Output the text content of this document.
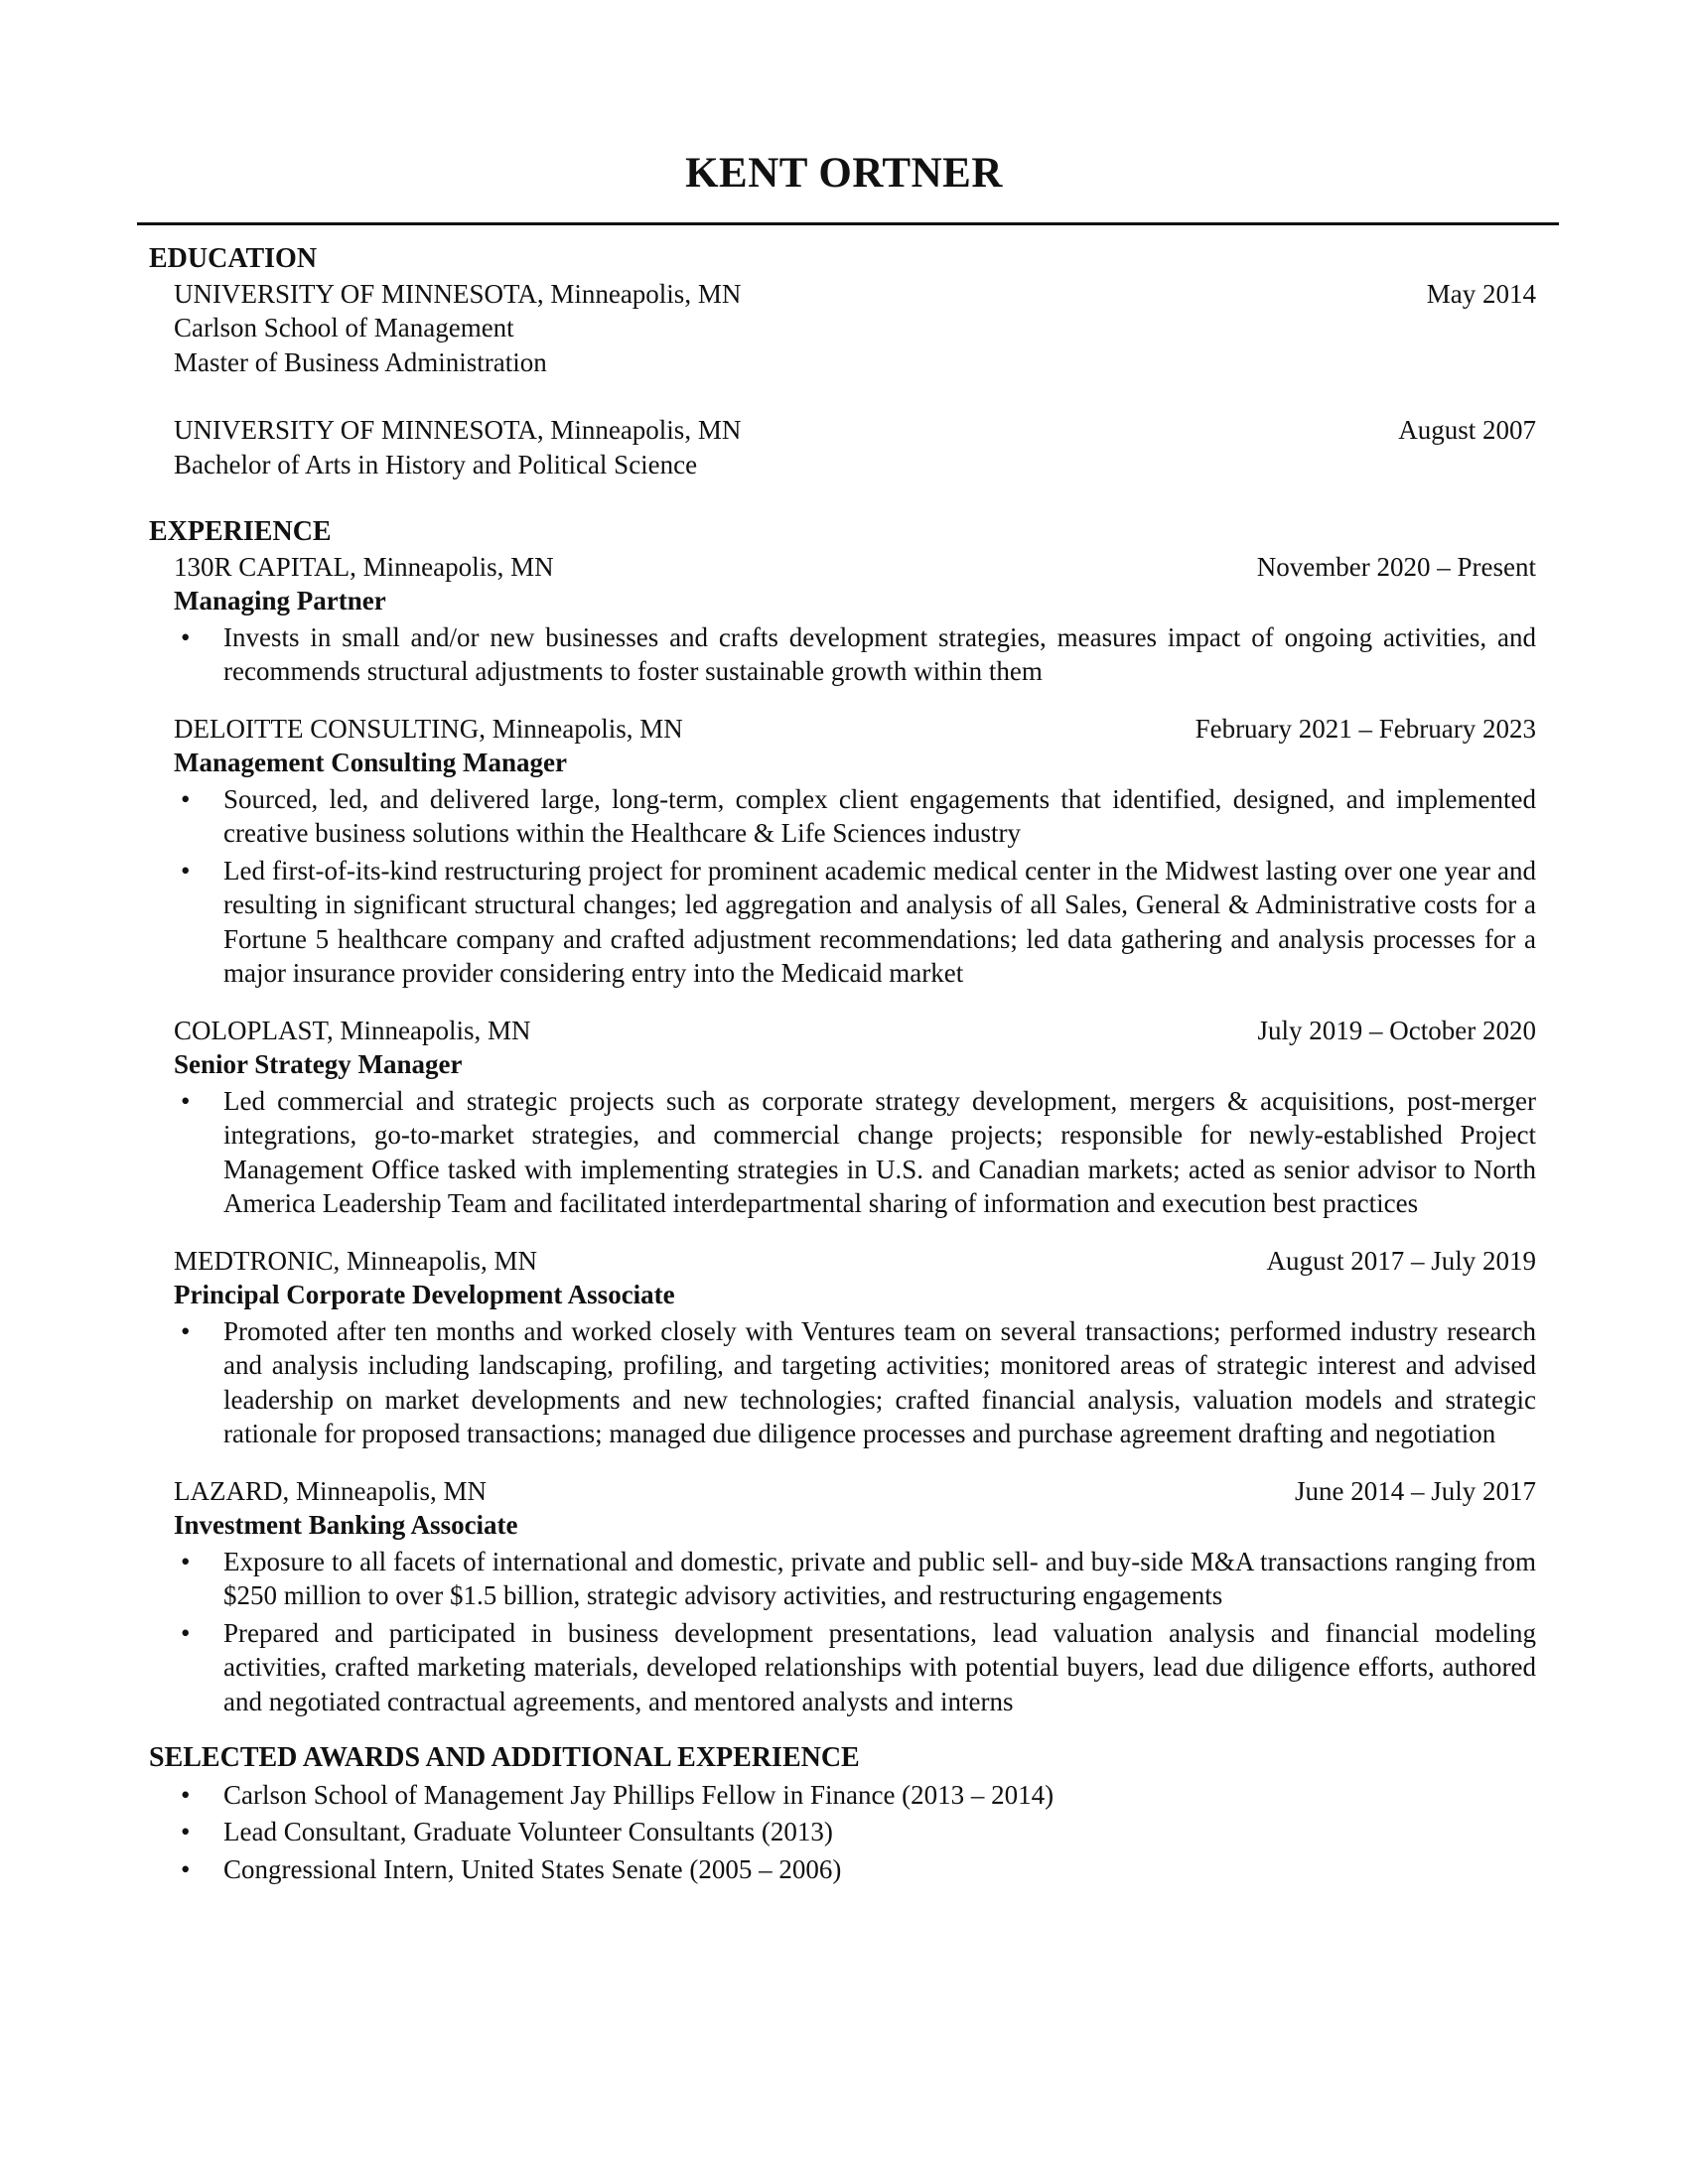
KENT ORTNER
EDUCATION
UNIVERSITY OF MINNESOTA, Minneapolis, MN	May 2014
Carlson School of Management
Master of Business Administration
UNIVERSITY OF MINNESOTA, Minneapolis, MN	August 2007
Bachelor of Arts in History and Political Science
EXPERIENCE
130R CAPITAL, Minneapolis, MN	November 2020 – Present
Managing Partner
• Invests in small and/or new businesses and crafts development strategies, measures impact of ongoing activities, and recommends structural adjustments to foster sustainable growth within them
DELOITTE CONSULTING, Minneapolis, MN	February 2021 – February 2023
Management Consulting Manager
• Sourced, led, and delivered large, long-term, complex client engagements that identified, designed, and implemented creative business solutions within the Healthcare & Life Sciences industry
• Led first-of-its-kind restructuring project for prominent academic medical center in the Midwest lasting over one year and resulting in significant structural changes; led aggregation and analysis of all Sales, General & Administrative costs for a Fortune 5 healthcare company and crafted adjustment recommendations; led data gathering and analysis processes for a major insurance provider considering entry into the Medicaid market
COLOPLAST, Minneapolis, MN	July 2019 – October 2020
Senior Strategy Manager
• Led commercial and strategic projects such as corporate strategy development, mergers & acquisitions, post-merger integrations, go-to-market strategies, and commercial change projects; responsible for newly-established Project Management Office tasked with implementing strategies in U.S. and Canadian markets; acted as senior advisor to North America Leadership Team and facilitated interdepartmental sharing of information and execution best practices
MEDTRONIC, Minneapolis, MN	August 2017 – July 2019
Principal Corporate Development Associate
• Promoted after ten months and worked closely with Ventures team on several transactions; performed industry research and analysis including landscaping, profiling, and targeting activities; monitored areas of strategic interest and advised leadership on market developments and new technologies; crafted financial analysis, valuation models and strategic rationale for proposed transactions; managed due diligence processes and purchase agreement drafting and negotiation
LAZARD, Minneapolis, MN	June 2014 – July 2017
Investment Banking Associate
• Exposure to all facets of international and domestic, private and public sell- and buy-side M&A transactions ranging from $250 million to over $1.5 billion, strategic advisory activities, and restructuring engagements
• Prepared and participated in business development presentations, lead valuation analysis and financial modeling activities, crafted marketing materials, developed relationships with potential buyers, lead due diligence efforts, authored and negotiated contractual agreements, and mentored analysts and interns
SELECTED AWARDS AND ADDITIONAL EXPERIENCE
• Carlson School of Management Jay Phillips Fellow in Finance (2013 – 2014)
• Lead Consultant, Graduate Volunteer Consultants (2013)
• Congressional Intern, United States Senate (2005 – 2006)
